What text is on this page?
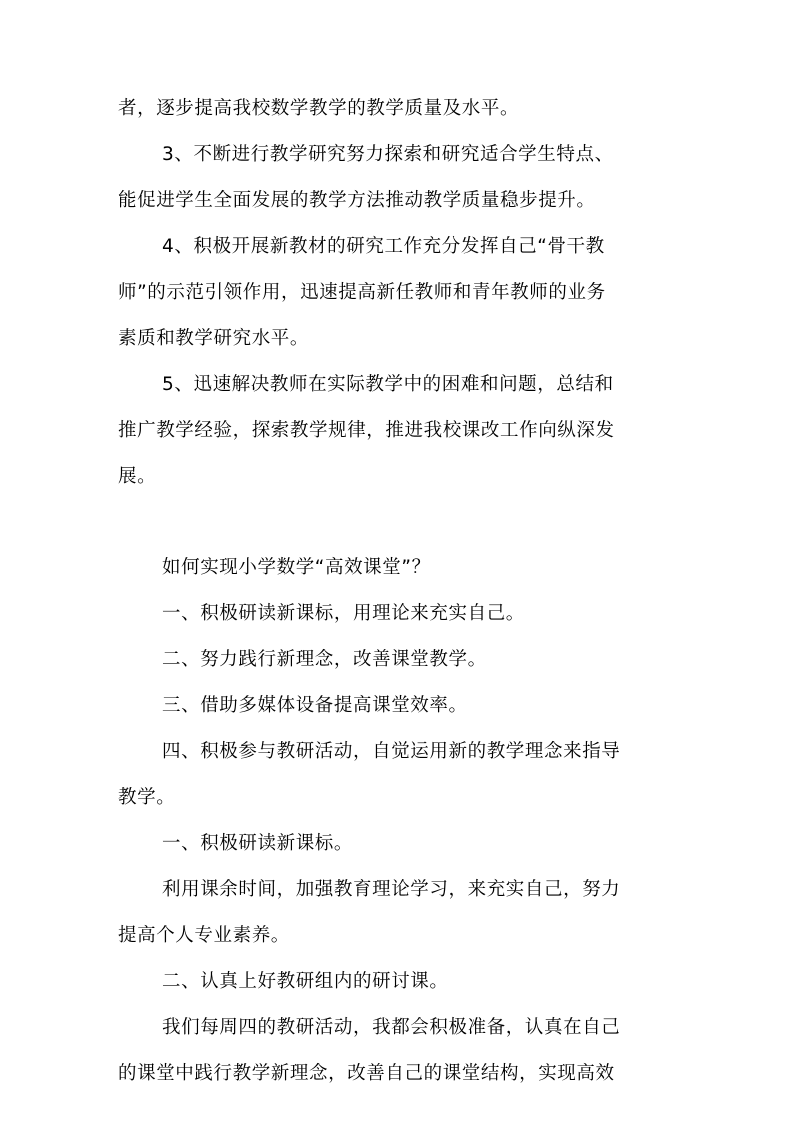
者，逐步提高我校数学教学的教学质量及水平。
3、不断进行教学研究努力探索和研究适合学生特点、
能促进学生全面发展的教学方法推动教学质量稳步提升。
4、积极开展新教材的研究工作充分发挥自己“骨干教
师”的示范引领作用，迅速提高新任教师和青年教师的业务
素质和教学研究水平。
5、迅速解决教师在实际教学中的困难和问题，总结和
推广教学经验，探索教学规律，推进我校课改工作向纵深发
展。
如何实现小学数学“高效课堂”？
一、积极研读新课标，用理论来充实自己。
二、努力践行新理念，改善课堂教学。
三、借助多媒体设备提高课堂效率。
四、积极参与教研活动，自觉运用新的教学理念来指导
教学。
一、积极研读新课标。
利用课余时间，加强教育理论学习，来充实自己，努力
提高个人专业素养。
二、认真上好教研组内的研讨课。
我们每周四的教研活动，我都会积极准备，认真在自己
的课堂中践行教学新理念，改善自己的课堂结构，实现高效
